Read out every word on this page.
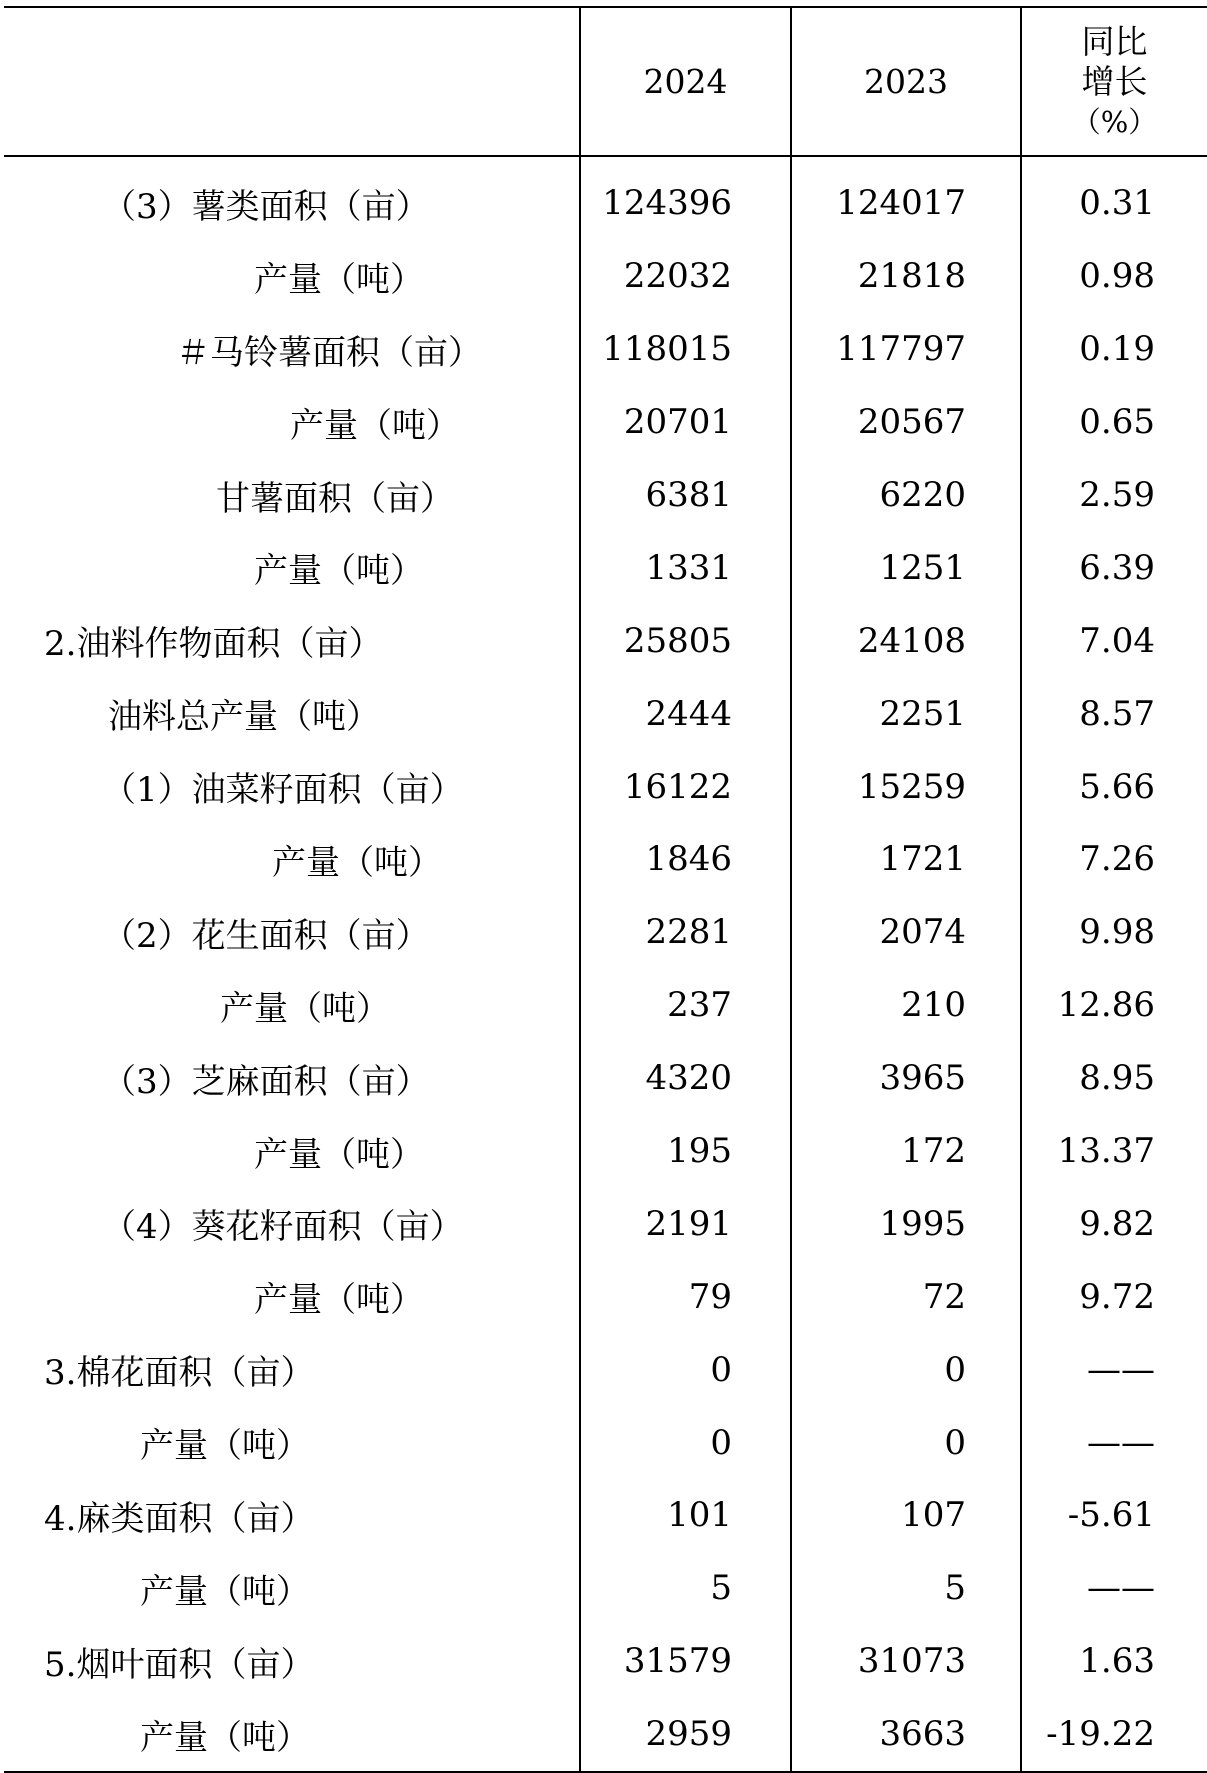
	2024	2023	同比
增长
（%）

（3）薯类面积（亩）	124396	124017	0.31
产量（吨）	22032	21818	0.98
＃马铃薯面积（亩）	118015	117797	0.19
产量（吨）	20701	20567	0.65
甘薯面积（亩）	6381	6220	2.59
产量（吨）	1331	1251	6.39
2.油料作物面积（亩）	25805	24108	7.04
油料总产量（吨）	2444	2251	8.57
（1）油菜籽面积（亩）	16122	15259	5.66
产量（吨）	1846	1721	7.26
（2）花生面积（亩）	2281	2074	9.98
产量（吨）	237	210	12.86
（3）芝麻面积（亩）	4320	3965	8.95
产量（吨）	195	172	13.37
（4）葵花籽面积（亩）	2191	1995	9.82
产量（吨）	79	72	9.72
3.棉花面积（亩）	0	0	——
产量（吨）	0	0	——
4.麻类面积（亩）	101	107	-5.61
产量（吨）	5	5	——
5.烟叶面积（亩）	31579	31073	1.63
产量（吨）	2959	3663	-19.22
